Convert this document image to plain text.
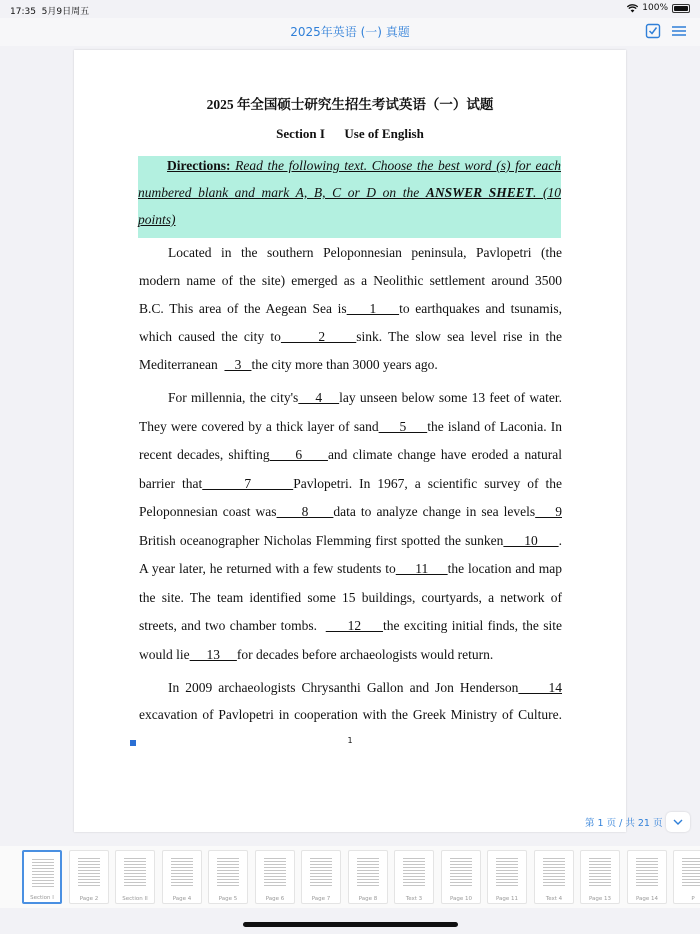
17:35 5月9日周五	100%
2025年英语 (一) 真题
2025 年全国硕士研究生招生考试英语（一）试题
Section I      Use of English
Directions: Read the following text. Choose the best word (s) for each
numbered blank and mark A, B, C or D on the ANSWER SHEET. (10
points)
Located in the southern Peloponnesian peninsula, Pavlopetri (the
modern name of the site) emerged as a Neolithic settlement around 3500
B.C. This area of the Aegean Sea is    1    to earthquakes and tsunamis,
which caused the city to      2     sink. The slow sea level rise in the
Mediterranean     3   the city more than 3000 years ago.
For millennia, the city's    4    lay unseen below some 13 feet of water.
They were covered by a thick layer of sand     5     the island of Laconia. In
recent decades, shifting     6     and climate change have eroded a natural
barrier that      7      Pavlopetri. In 1967, a scientific survey of the
Peloponnesian coast was     8     data to analyze change in sea levels    9
British oceanographer Nicholas Flemming first spotted the sunken     10     .
A year later, he returned with a few students to     11     the location and map
the site. The team identified some 15 buildings, courtyards, a network of
streets, and two chamber tombs.       12     the exciting initial finds, the site
would lie     13     for decades before archaeologists would return.
In 2009 archaeologists Chrysanthi Gallon and Jon Henderson     14
excavation of Pavlopetri in cooperation with the Greek Ministry of Culture.
1
第 1 页 / 共 21 页
Section I	Page 2	Section II	Page 4	Page 5	Page 6	Page 7	Page 8	Text 3	Page 10	Page 11	Text 4	Page 13	Page 14	P
